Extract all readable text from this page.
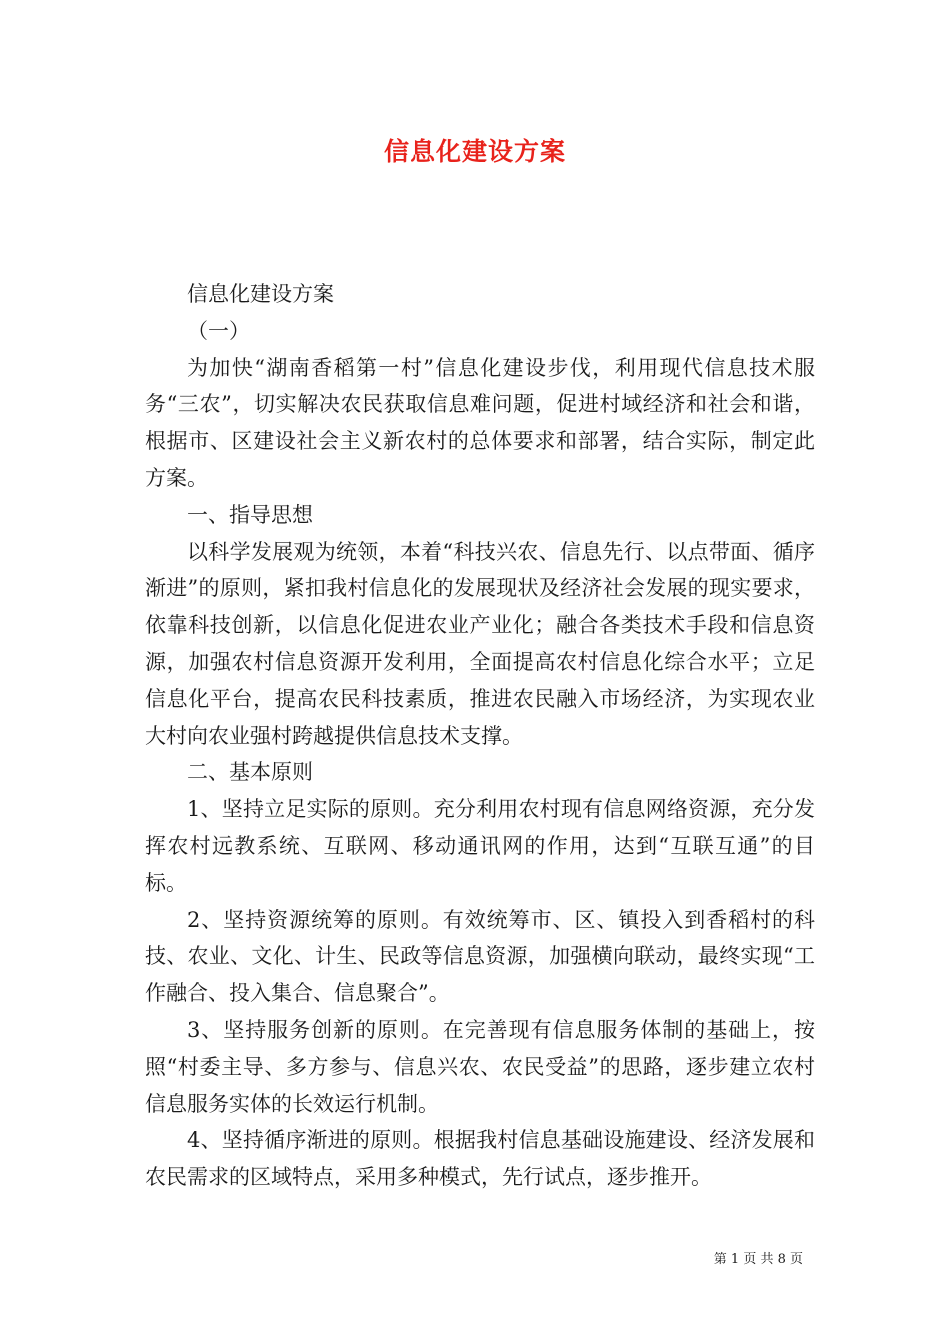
信息化建设方案

信息化建设方案

（一）

为加快“湖南香稻第一村”信息化建设步伐，利用现代信息技术服务“三农”，切实解决农民获取信息难问题，促进村域经济和社会和谐，根据市、区建设社会主义新农村的总体要求和部署，结合实际，制定此方案。

一、指导思想

以科学发展观为统领，本着“科技兴农、信息先行、以点带面、循序渐进”的原则，紧扣我村信息化的发展现状及经济社会发展的现实要求，依靠科技创新，以信息化促进农业产业化；融合各类技术手段和信息资源，加强农村信息资源开发利用，全面提高农村信息化综合水平；立足信息化平台，提高农民科技素质，推进农民融入市场经济，为实现农业大村向农业强村跨越提供信息技术支撑。

二、基本原则

1、坚持立足实际的原则。充分利用农村现有信息网络资源，充分发挥农村远教系统、互联网、移动通讯网的作用，达到“互联互通”的目标。

2、坚持资源统筹的原则。有效统筹市、区、镇投入到香稻村的科技、农业、文化、计生、民政等信息资源，加强横向联动，最终实现“工作融合、投入集合、信息聚合”。

3、坚持服务创新的原则。在完善现有信息服务体制的基础上，按照“村委主导、多方参与、信息兴农、农民受益”的思路，逐步建立农村信息服务实体的长效运行机制。

4、坚持循序渐进的原则。根据我村信息基础设施建设、经济发展和农民需求的区域特点，采用多种模式，先行试点，逐步推开。

第 1 页 共 8 页
